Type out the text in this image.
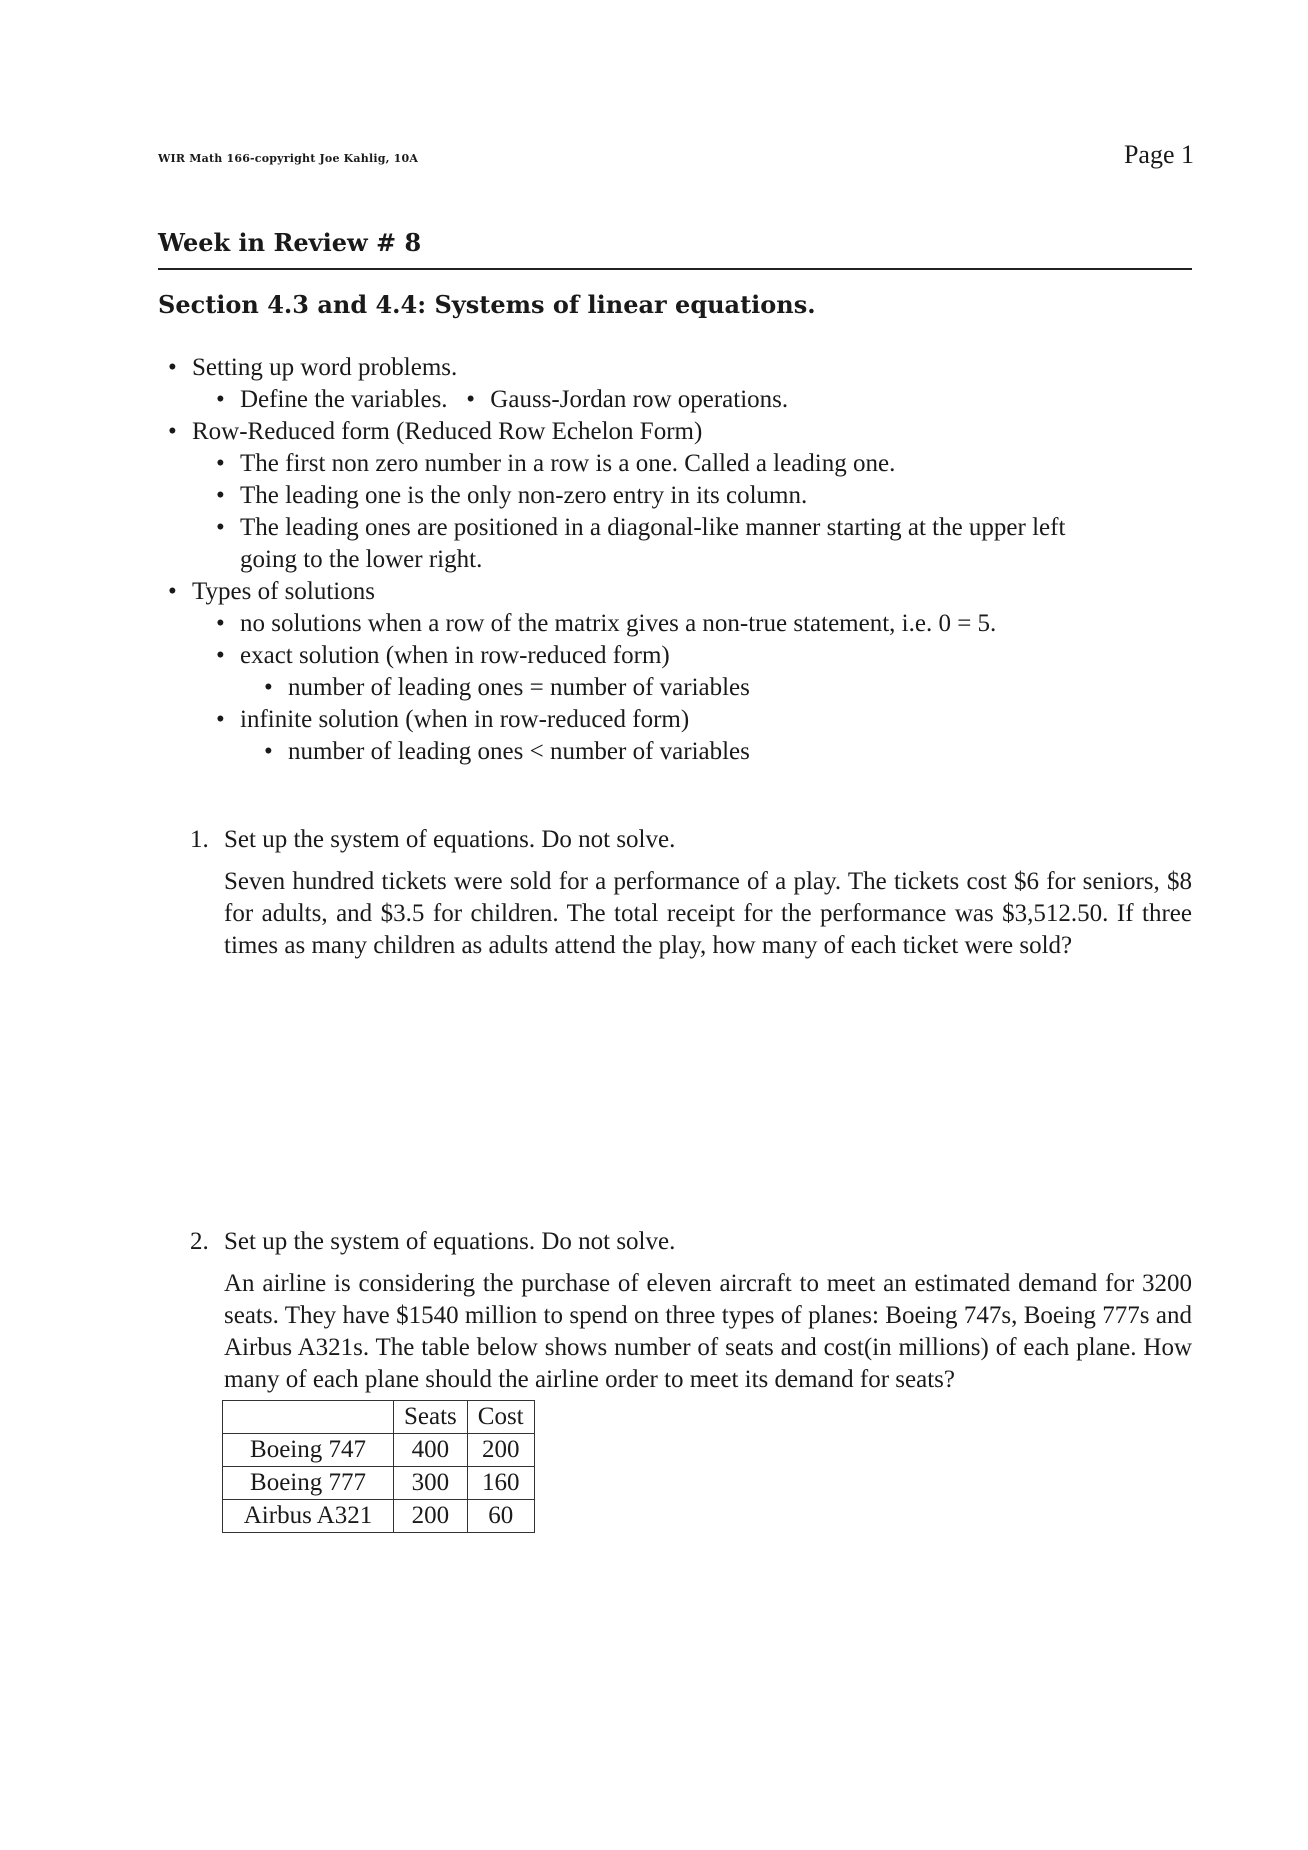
WIR Math 166-copyright Joe Kahlig, 10A	Page 1
Week in Review # 8
Section 4.3 and 4.4: Systems of linear equations.
• Setting up word problems.
• Define the variables. • Gauss-Jordan row operations.
• Row-Reduced form (Reduced Row Echelon Form)
• The first non zero number in a row is a one. Called a leading one.
• The leading one is the only non-zero entry in its column.
• The leading ones are positioned in a diagonal-like manner starting at the upper left
going to the lower right.
• Types of solutions
• no solutions when a row of the matrix gives a non-true statement, i.e. 0 = 5.
• exact solution (when in row-reduced form)
• number of leading ones = number of variables
• infinite solution (when in row-reduced form)
• number of leading ones < number of variables
1. Set up the system of equations. Do not solve.
Seven hundred tickets were sold for a performance of a play. The tickets cost $6 for seniors, $8 for adults, and $3.5 for children. The total receipt for the performance was $3,512.50. If three times as many children as adults attend the play, how many of each ticket were sold?
2. Set up the system of equations. Do not solve.
An airline is considering the purchase of eleven aircraft to meet an estimated demand for 3200 seats. They have $1540 million to spend on three types of planes: Boeing 747s, Boeing 777s and Airbus A321s. The table below shows number of seats and cost(in millions) of each plane. How many of each plane should the airline order to meet its demand for seats?
	Seats	Cost
Boeing 747	400	200
Boeing 777	300	160
Airbus A321	200	60
